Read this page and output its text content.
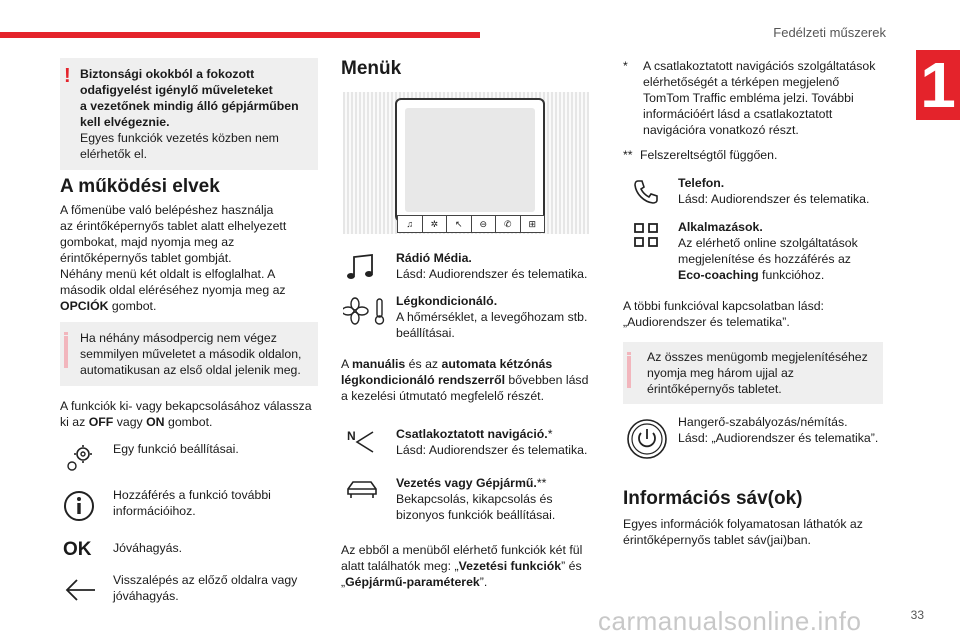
Fedélzeti műszerek
1
! Biztonsági okokból a fokozott
odafigyelést igénylő műveleteket
a vezetőnek mindig álló gépjárműben
kell elvégeznie.
Egyes funkciók vezetés közben nem
elérhetők el.
A működési elvek
A főmenübe való belépéshez használja
az érintőképernyős tablet alatt elhelyezett
gombokat, majd nyomja meg az
érintőképernyős tablet gombját.
Néhány menü két oldalt is elfoglalhat. A
második oldal eléréséhez nyomja meg az
OPCIÓK gombot.
Ha néhány másodpercig nem végez
semmilyen műveletet a második oldalon,
automatikusan az első oldal jelenik meg.
A funkciók ki- vagy bekapcsolásához válassza
ki az OFF vagy ON gombot.
Egy funkció beállításai.
Hozzáférés a funkció további
információihoz.
OK Jóváhagyás.
Visszalépés az előző oldalra vagy
jóváhagyás.
Menük
♫	✲	↖	⊖	✆	⊞
Rádió Média.
Lásd: Audiorendszer és telematika.
Légkondicionáló.
A hőmérséklet, a levegőhozam stb.
beállításai.
A manuális és az automata kétzónás
légkondicionáló rendszerről bővebben lásd
a kezelési útmutató megfelelő részét.
N	Csatlakoztatott navigáció.*
Lásd: Audiorendszer és telematika.
Vezetés vagy Gépjármű.**
Bekapcsolás, kikapcsolás és
bizonyos funkciók beállításai.
Az ebből a menüből elérhető funkciók két fül
alatt találhatók meg: „Vezetési funkciók” és
„Gépjármű-paraméterek”.
* A csatlakoztatott navigációs szolgáltatások
elérhetőségét a térképen megjelenő
TomTom Traffic embléma jelzi. További
információért lásd a csatlakoztatott
navigációra vonatkozó részt.
** Felszereltségtől függően.
Telefon.
Lásd: Audiorendszer és telematika.
Alkalmazások.
Az elérhető online szolgáltatások
megjelenítése és hozzáférés az
Eco-coaching funkcióhoz.
A többi funkcióval kapcsolatban lásd:
„Audiorendszer és telematika”.
Az összes menügomb megjelenítéséhez
nyomja meg három ujjal az
érintőképernyős tabletet.
Hangerő-szabályozás/némítás.
Lásd: „Audiorendszer és telematika”.
Információs sáv(ok)
Egyes információk folyamatosan láthatók az
érintőképernyős tablet sáv(jai)ban.
33
carmanualsonline.info
